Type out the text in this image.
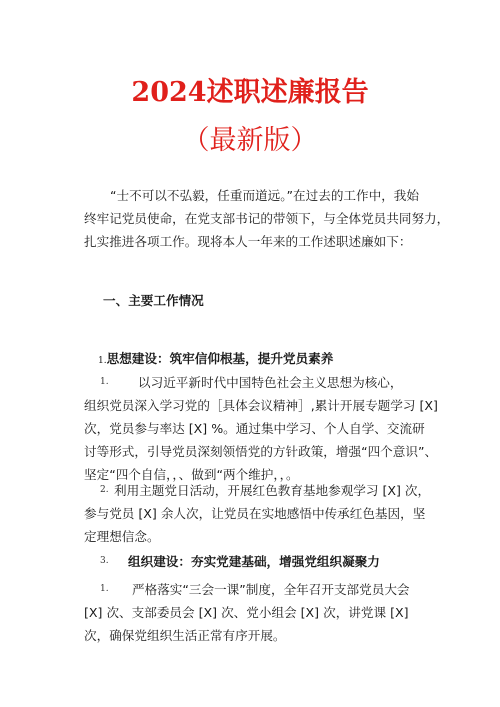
2024述职述廉报告
（最新版）
“士不可以不弘毅，任重而道远。”在过去的工作中，我始
终牢记党员使命，在党支部书记的带领下，与全体党员共同努力，
扎实推进各项工作。现将本人一年来的工作述职述廉如下：
一、主要工作情况
1.思想建设：筑牢信仰根基，提升党员素养
1. 以习近平新时代中国特色社会主义思想为核心，
组织党员深入学习党的［具体会议精神］,累计开展专题学习 [X]
次，党员参与率达 [X] %。通过集中学习、个人自学、交流研
讨等形式，引导党员深刻领悟党的方针政策，增强“四个意识”、
坚定“四个自信，，、做到“两个维护，，。
2. 利用主题党日活动，开展红色教育基地参观学习 [X] 次，
参与党员 [X] 余人次，让党员在实地感悟中传承红色基因，坚
定理想信念。
3. 组织建设：夯实党建基础，增强党组织凝聚力
1. 严格落实“三会一课”制度，全年召开支部党员大会
[X] 次、支部委员会 [X] 次、党小组会 [X] 次，讲党课 [X]
次，确保党组织生活正常有序开展。
